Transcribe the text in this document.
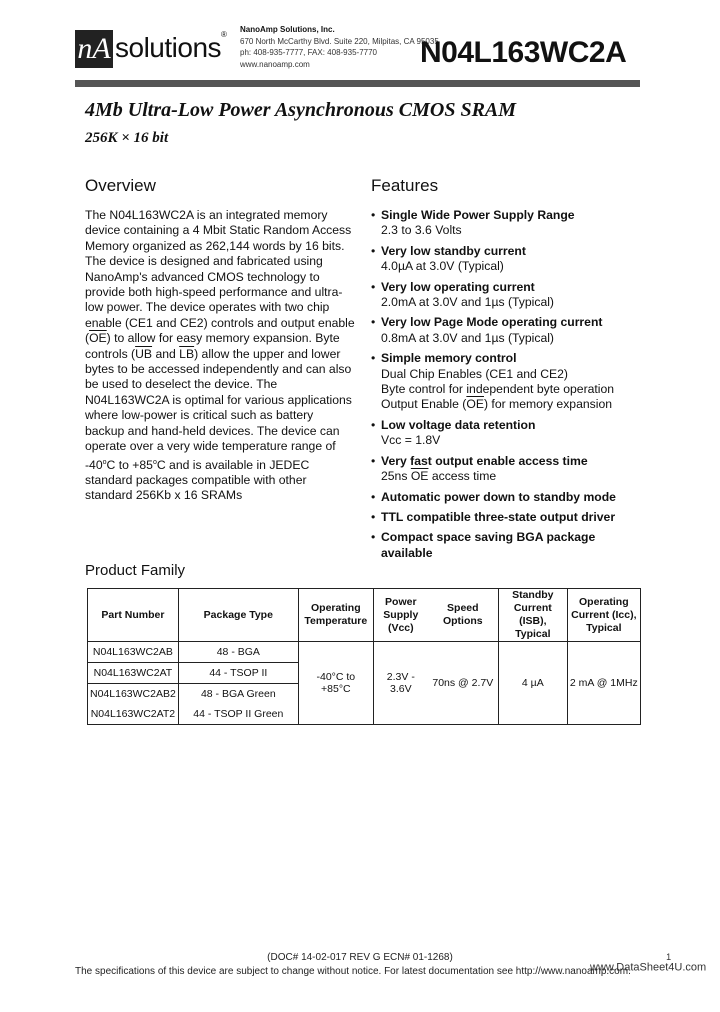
nA solutions ®
NanoAmp Solutions, Inc.
670 North McCarthy Blvd. Suite 220, Milpitas, CA 95035
ph: 408-935-7777, FAX: 408-935-7770
www.nanoamp.com	N04L163WC2A
4Mb Ultra-Low Power Asynchronous CMOS SRAM
256K × 16 bit
Overview
The N04L163WC2A is an integrated memory device containing a 4 Mbit Static Random Access Memory organized as 262,144 words by 16 bits. The device is designed and fabricated using NanoAmp's advanced CMOS technology to provide both high-speed performance and ultra-low power. The device operates with two chip enable (CE1 and CE2) controls and output enable $(\overline{OE})$ to allow for easy memory expansion. Byte controls ($\overline{UB}$ and $\overline{LB}$) allow the upper and lower bytes to be accessed independently and can also be used to deselect the device. The N04L163WC2A is optimal for various applications where low-power is critical such as battery backup and hand-held devices. The device can operate over a very wide temperature range of -40$^o$C to $+85^oC$ and is available in JEDEC standard packages compatible with other standard 256Kb x 16 SRAMs
Features
• Single Wide Power Supply Range
2.3 to 3.6 Volts
• Very low standby current
4.0µA at 3.0V (Typical)
• Very low operating current
2.0mA at 3.0V and 1µs (Typical)
• Very low Page Mode operating current
0.8mA at 3.0V and 1µs (Typical)
• Simple memory control
Dual Chip Enables (CE1 and CE2)
Byte control for independent byte operation
Output Enable $(\overline{OE})$ for memory expansion
• Low voltage data retention
Vcc = 1.8V
• Very fast output enable access time
25ns $\overline{OE}$ access time
• Automatic power down to standby mode
• TTL compatible three-state output driver
• Compact space saving BGA package available
Product Family
Part Number	Package Type	Operating Temperature	Power Supply (Vcc)	Speed Options	Standby Current (ISB), Typical	Operating Current (Icc), Typical
N04L163WC2AB	48 - BGA	-40°C to +85°C	2.3V - 3.6V	70ns @ 2.7V	4 µA	2 mA @ 1MHz
N04L163WC2AT	44 - TSOP II					
N04L163WC2AB2	48 - BGA Green					
N04L163WC2AT2	44 - TSOP II Green					
(DOC# 14-02-017 REV G ECN# 01-1268)
www.DataSheet4U.com$^1$
The specifications of this device are subject to change without notice. For latest documentation see http://www.nanoamp.com.
